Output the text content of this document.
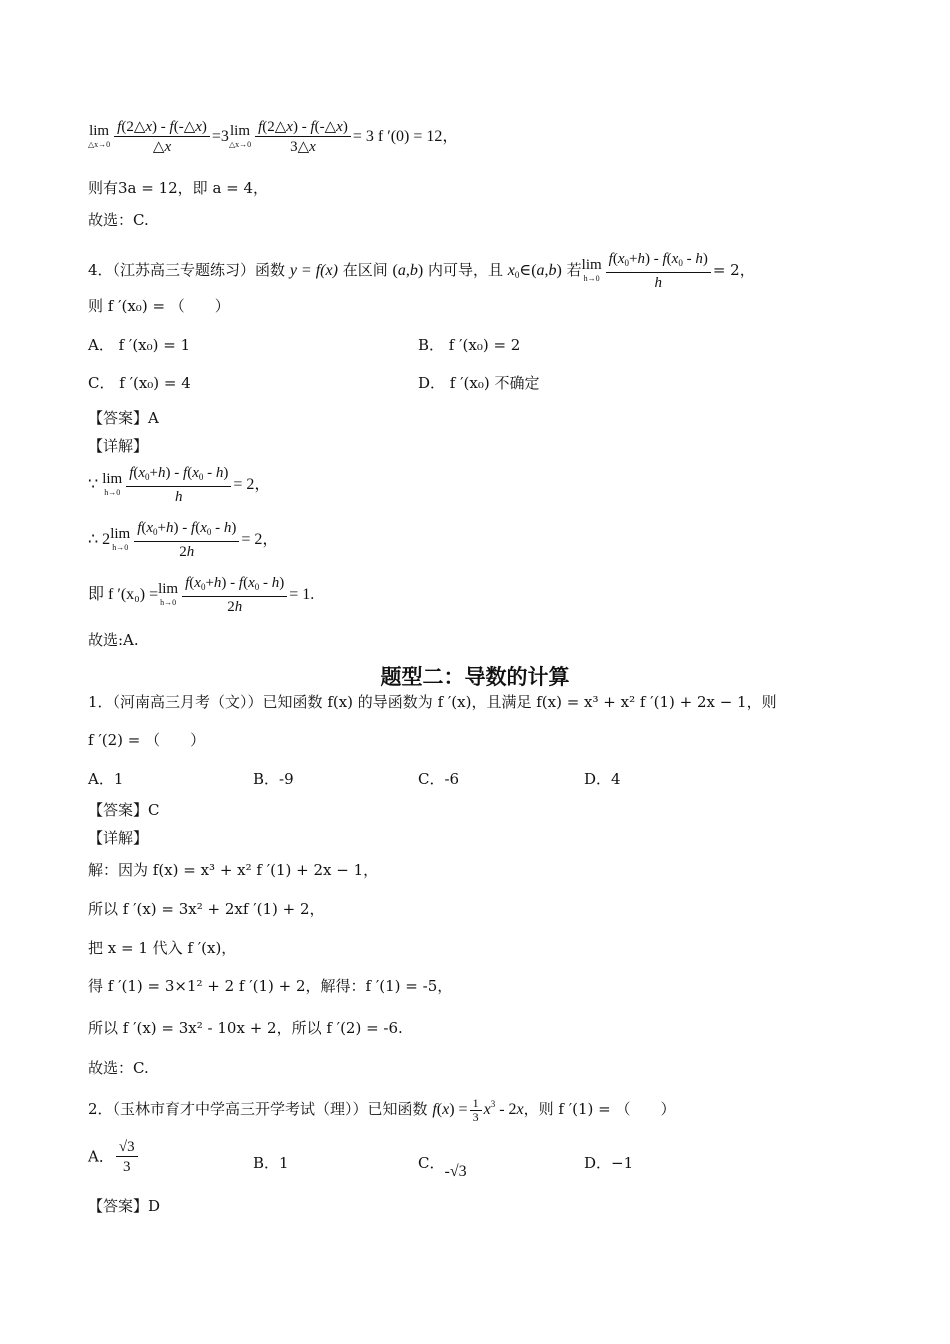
lim
△x→0 $\frac{f(2\triangle x) - f(-\triangle x)}{\triangle x} =3$ lim
△x→0 $\frac{f(2\triangle x) - f(-\triangle x)}{3\triangle x} = 3$ f ′(0) = 12，
则有3a = 12，即 a = 4，
故选：C.
4．（江苏高三专题练习）函数 y = f(x) 在区间 (a,b) 内可导，且 $x_0\in(a,b)$ 若 lim
$h\to 0 \frac{f(x_0+h) - f(x_0 - h)}{h} = 2$，
则 f ′(x₀) = （　　）
A． f ′(x₀) = 1	B． f ′(x₀) = 2
C． f ′(x₀) = 4	D． f ′(x₀) 不确定
【答案】A
【详解】
∵ lim
$h\to 0 \frac{f(x_0+h) - f(x_0 - h)}{h} = 2$，
∴ 2 lim
$h\to 0 \frac{f(x_0+h) - f(x_0 - h)}{2h} = 2$，
即 f ′(x₀) = lim
$h\to 0 \frac{f(x_0+h) - f(x_0 - h)}{2h} = 1$.
故选:A.
题型二：导数的计算
1．（河南高三月考（文））已知函数 f(x) 的导函数为 f ′(x)，且满足 f(x) = x³ + x² f ′(1) + 2x − 1，则
f ′(2) = （　　）
A．1	B．-9	C．-6	D．4
【答案】C
【详解】
解：因为 f(x) = x³ + x² f ′(1) + 2x − 1，
所以 f ′(x) = 3x² + 2xf ′(1) + 2，
把 x = 1 代入 f ′(x)，
得 f ′(1) = 3×1² + 2 f ′(1) + 2，解得：f ′(1) = -5，
所以 f ′(x) = 3x² - 10x + 2，所以 f ′(2) = -6.
故选：C.
2．（玉林市育才中学高三开学考试（理））已知函数 $f(x) = \frac{1}{3} x^3 - 2x$，则 f ′(1) = （　　）
A． $\frac{√3}{3}$	B．1	C．-√3	D．−1
【答案】D
